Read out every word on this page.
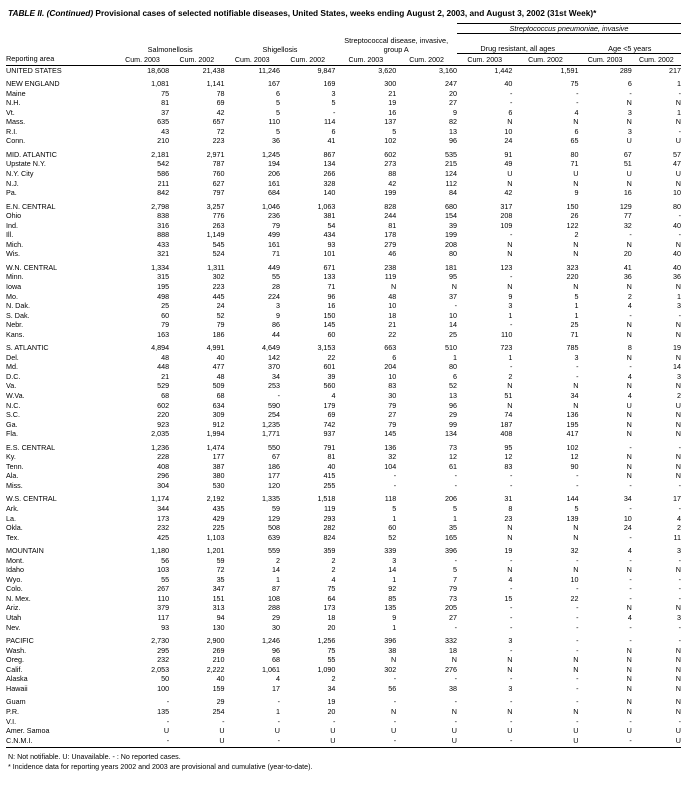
TABLE II. (Continued) Provisional cases of selected notifiable diseases, United States, weeks ending August 2, 2003, and August 3, 2002 (31st Week)*
							Streptococcus pneumoniae, invasive			
	Salmonellosis		Shigellosis		Streptococcal disease, invasive, group A		Drug resistant, all ages		Age <5 years	
Reporting area	Cum. 2003	Cum. 2002	Cum. 2003	Cum. 2002	Cum. 2003	Cum. 2002	Cum. 2003	Cum. 2002	Cum. 2003	Cum. 2002
UNITED STATES	18,608	21,438	11,246	9,847	3,620	3,160	1,442	1,591	289	217

NEW ENGLAND	1,081	1,141	167	169	300	247	40	75	6	1
Maine	75	78	6	3	21	20	-	-	-	-
N.H.	81	69	5	5	19	27	-	-	N	N
Vt.	37	42	5	-	16	9	6	4	3	1
Mass.	635	657	110	114	137	82	N	N	N	N
R.I.	43	72	5	6	5	13	10	6	3	-
Conn.	210	223	36	41	102	96	24	65	U	U

MID. ATLANTIC	2,181	2,971	1,245	867	602	535	91	80	67	57
Upstate N.Y.	542	787	194	134	273	215	49	71	51	47
N.Y. City	586	760	206	266	88	124	U	U	U	U
N.J.	211	627	161	328	42	112	N	N	N	N
Pa.	842	797	684	140	199	84	42	9	16	10

E.N. CENTRAL	2,798	3,257	1,046	1,063	828	680	317	150	129	80
Ohio	838	776	236	381	244	154	208	26	77	-
Ind.	316	263	79	54	81	39	109	122	32	40
Ill.	888	1,149	499	434	178	199	-	2	-	-
Mich.	433	545	161	93	279	208	N	N	N	N
Wis.	321	524	71	101	46	80	N	N	20	40

W.N. CENTRAL	1,334	1,311	449	671	238	181	123	323	41	40
Minn.	315	302	55	133	119	95	-	220	36	36
Iowa	195	223	28	71	N	N	N	N	N	N
Mo.	498	445	224	96	48	37	9	5	2	1
N. Dak.	25	24	3	16	10	-	3	1	4	3
S. Dak.	60	52	9	150	18	10	1	1	-	-
Nebr.	79	79	86	145	21	14	-	25	N	N
Kans.	163	186	44	60	22	25	110	71	N	N

S. ATLANTIC	4,894	4,991	4,649	3,153	663	510	723	785	8	19
Del.	48	40	142	22	6	1	1	3	N	N
Md.	448	477	370	601	204	80	-	-	-	14
D.C.	21	48	34	39	10	6	2	-	4	3
Va.	529	509	253	560	83	52	N	N	N	N
W.Va.	68	68	-	4	30	13	51	34	4	2
N.C.	602	634	590	179	79	96	N	N	U	U
S.C.	220	309	254	69	27	29	74	136	N	N
Ga.	923	912	1,235	742	79	99	187	195	N	N
Fla.	2,035	1,994	1,771	937	145	134	408	417	N	N

E.S. CENTRAL	1,236	1,474	550	791	136	73	95	102	-	-
Ky.	228	177	67	81	32	12	12	12	N	N
Tenn.	408	387	186	40	104	61	83	90	N	N
Ala.	296	380	177	415	-	-	-	-	N	N
Miss.	304	530	120	255	-	-	-	-	-	-

W.S. CENTRAL	1,174	2,192	1,335	1,518	118	206	31	144	34	17
Ark.	344	435	59	119	5	5	8	5	-	-
La.	173	429	129	293	1	1	23	139	10	4
Okla.	232	225	508	282	60	35	N	N	24	2
Tex.	425	1,103	639	824	52	165	N	N	-	11

MOUNTAIN	1,180	1,201	559	359	339	396	19	32	4	3
Mont.	56	59	2	2	3	-	-	-	-	-
Idaho	103	72	14	2	14	5	N	N	N	N
Wyo.	55	35	1	4	1	7	4	10	-	-
Colo.	267	347	87	75	92	79	-	-	-	-
N. Mex.	110	151	108	64	85	73	15	22	-	-
Ariz.	379	313	288	173	135	205	-	-	N	N
Utah	117	94	29	18	9	27	-	-	4	3
Nev.	93	130	30	20	1	-	-	-	-	-

PACIFIC	2,730	2,900	1,246	1,256	396	332	3	-	-	-
Wash.	295	269	96	75	38	18	-	-	N	N
Oreg.	232	210	68	55	N	N	N	N	N	N
Calif.	2,053	2,222	1,061	1,090	302	276	N	N	N	N
Alaska	50	40	4	2	-	-	-	-	N	N
Hawaii	100	159	17	34	56	38	3	-	N	N

Guam	-	29	-	19	-	-	-	-	N	N
P.R.	135	254	1	20	N	N	N	N	N	N
V.I.	-	-	-	-	-	-	-	-	-	-
Amer. Samoa	U	U	U	U	U	U	U	U	U	U
C.N.M.I.	-	U	-	U	-	U	-	U	-	U
N: Not notifiable. U: Unavailable. - : No reported cases.
* Incidence data for reporting years 2002 and 2003 are provisional and cumulative (year-to-date).
